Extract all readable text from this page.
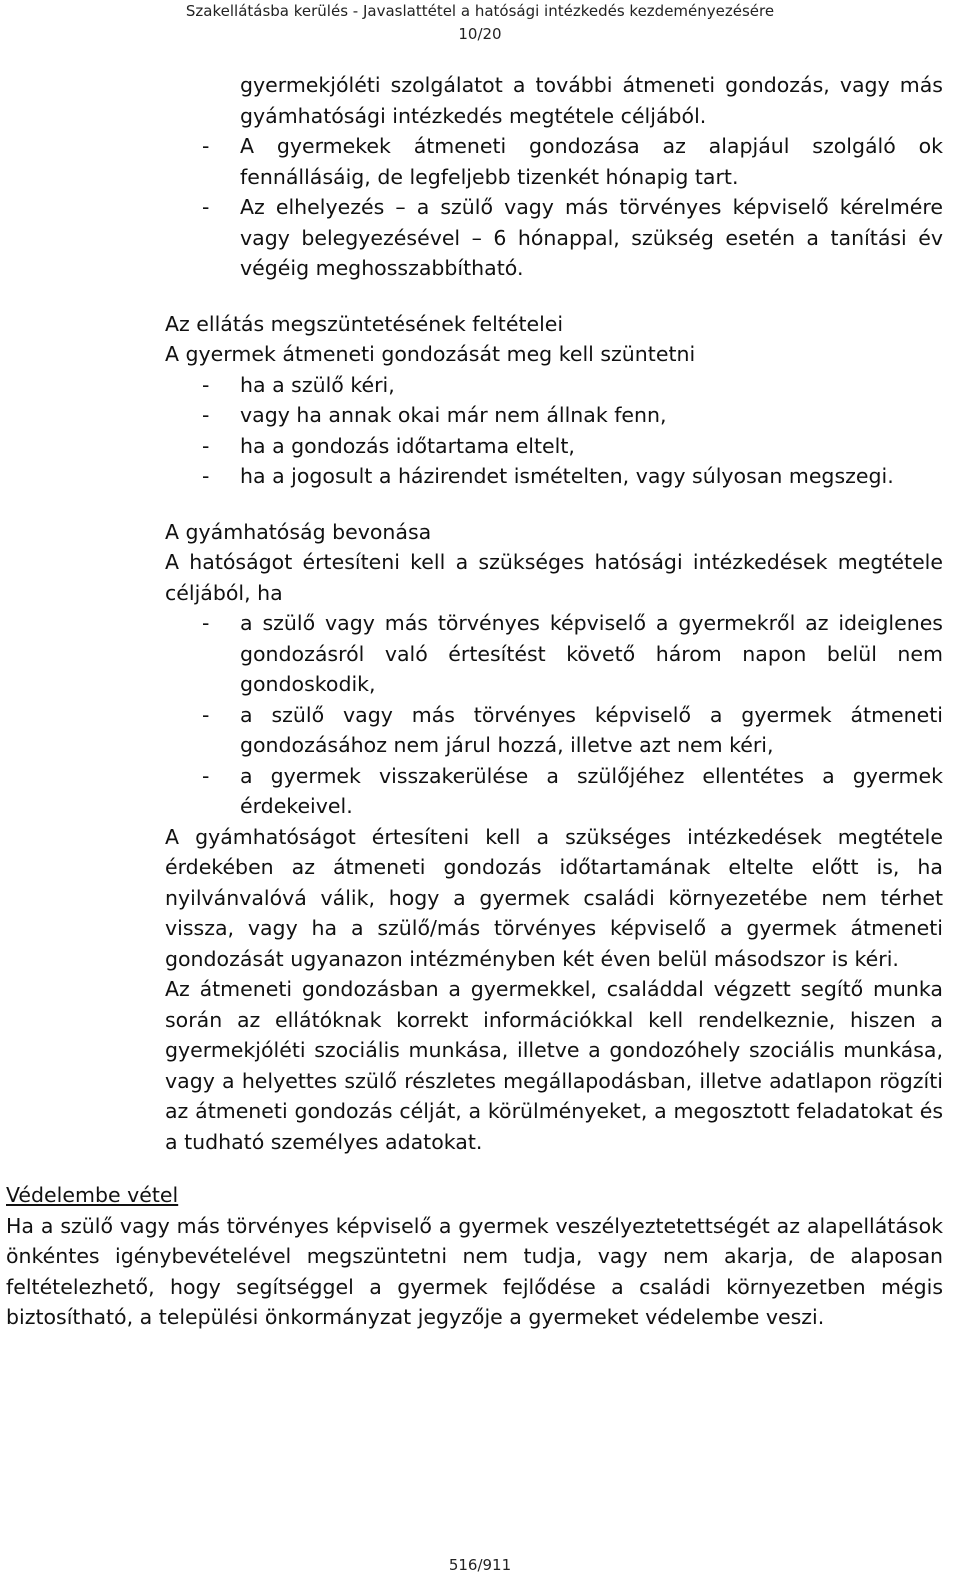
Szakellátásba kerülés - Javaslattétel a hatósági intézkedés kezdeményezésére
10/20
gyermekjóléti szolgálatot a további átmeneti gondozás, vagy más gyámhatósági intézkedés megtétele céljából.
- A gyermekek átmeneti gondozása az alapjául szolgáló ok fennállásáig, de legfeljebb tizenkét hónapig tart.
- Az elhelyezés – a szülő vagy más törvényes képviselő kérelmére vagy belegyezésével – 6 hónappal, szükség esetén a tanítási év végéig meghosszabbítható.
Az ellátás megszüntetésének feltételei
A gyermek átmeneti gondozását meg kell szüntetni
- ha a szülő kéri,
- vagy ha annak okai már nem állnak fenn,
- ha a gondozás időtartama eltelt,
- ha a jogosult a házirendet ismételten, vagy súlyosan megszegi.
A gyámhatóság bevonása
A hatóságot értesíteni kell a szükséges hatósági intézkedések megtétele céljából, ha
- a szülő vagy más törvényes képviselő a gyermekről az ideiglenes gondozásról való értesítést követő három napon belül nem gondoskodik,
- a szülő vagy más törvényes képviselő a gyermek átmeneti gondozásához nem járul hozzá, illetve azt nem kéri,
- a gyermek visszakerülése a szülőjéhez ellentétes a gyermek érdekeivel.
A gyámhatóságot értesíteni kell a szükséges intézkedések megtétele érdekében az átmeneti gondozás időtartamának eltelte előtt is, ha nyilvánvalóvá válik, hogy a gyermek családi környezetébe nem térhet vissza, vagy ha a szülő/más törvényes képviselő a gyermek átmeneti gondozását ugyanazon intézményben két éven belül másodszor is kéri.
Az átmeneti gondozásban a gyermekkel, családdal végzett segítő munka során az ellátóknak korrekt információkkal kell rendelkeznie, hiszen a gyermekjóléti szociális munkása, illetve a gondozóhely szociális munkása, vagy a helyettes szülő részletes megállapodásban, illetve adatlapon rögzíti az átmeneti gondozás célját, a körülményeket, a megosztott feladatokat és a tudható személyes adatokat.
Védelembe vétel
Ha a szülő vagy más törvényes képviselő a gyermek veszélyeztetettségét az alapellátások önkéntes igénybevételével megszüntetni nem tudja, vagy nem akarja, de alaposan feltételezhető, hogy segítséggel a gyermek fejlődése a családi környezetben mégis biztosítható, a települési önkormányzat jegyzője a gyermeket védelembe veszi.
516/911
